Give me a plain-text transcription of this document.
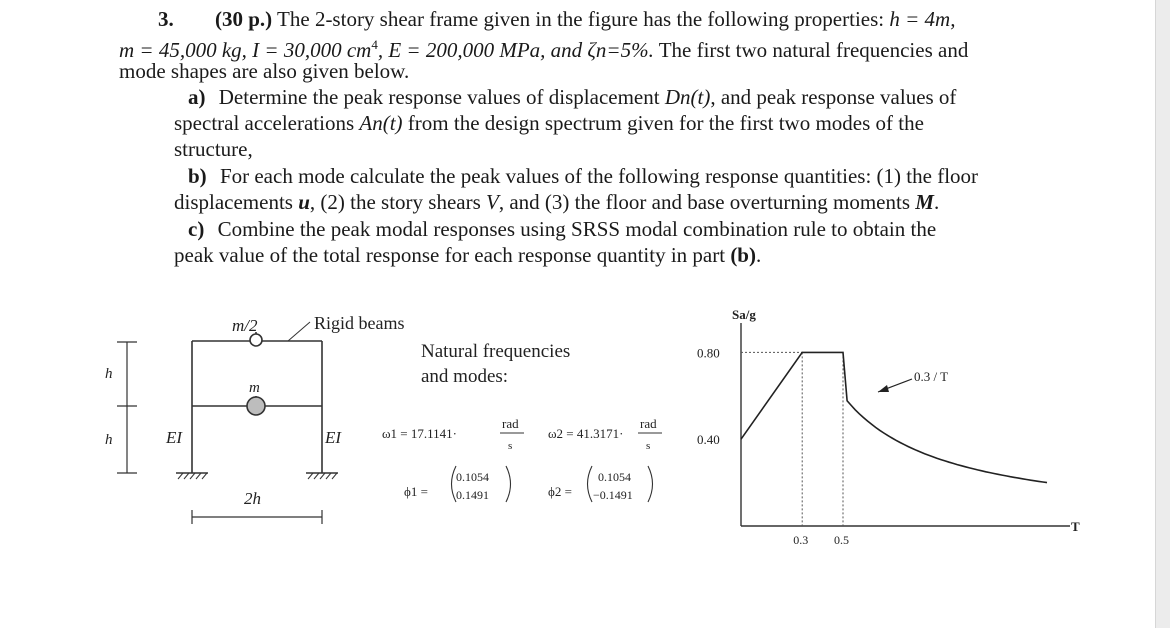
3. (30 p.) The 2-story shear frame given in the figure has the following properties: h = 4m,
m = 45,000 kg, I = 30,000 $cm^4$, E = 200,000 MPa, and ζn=5%. The first two natural frequencies and
mode shapes are also given below.
a) Determine the peak response values of displacement Dn(t), and peak response values of
spectral accelerations An(t) from the design spectrum given for the first two modes of the
structure,
b) For each mode calculate the peak values of the following response quantities: (1) the floor
displacements u, (2) the story shears V, and (3) the floor and base overturning moments M.
c) Combine the peak modal responses using SRSS modal combination rule to obtain the
peak value of the total response for each response quantity in part (b).
m/2	Rigid beams
m
h
h	EI	EI
2h
Natural frequencies
and modes:
ω1 = 17.1141·
rad
s
ω2 = 41.3171·
rad
s
ϕ1 =
0.1054
0.1491	ϕ2 =
0.1054
−0.1491
Sa/g
T
0.80
0.40
0.3 0.5
0.3 / T
